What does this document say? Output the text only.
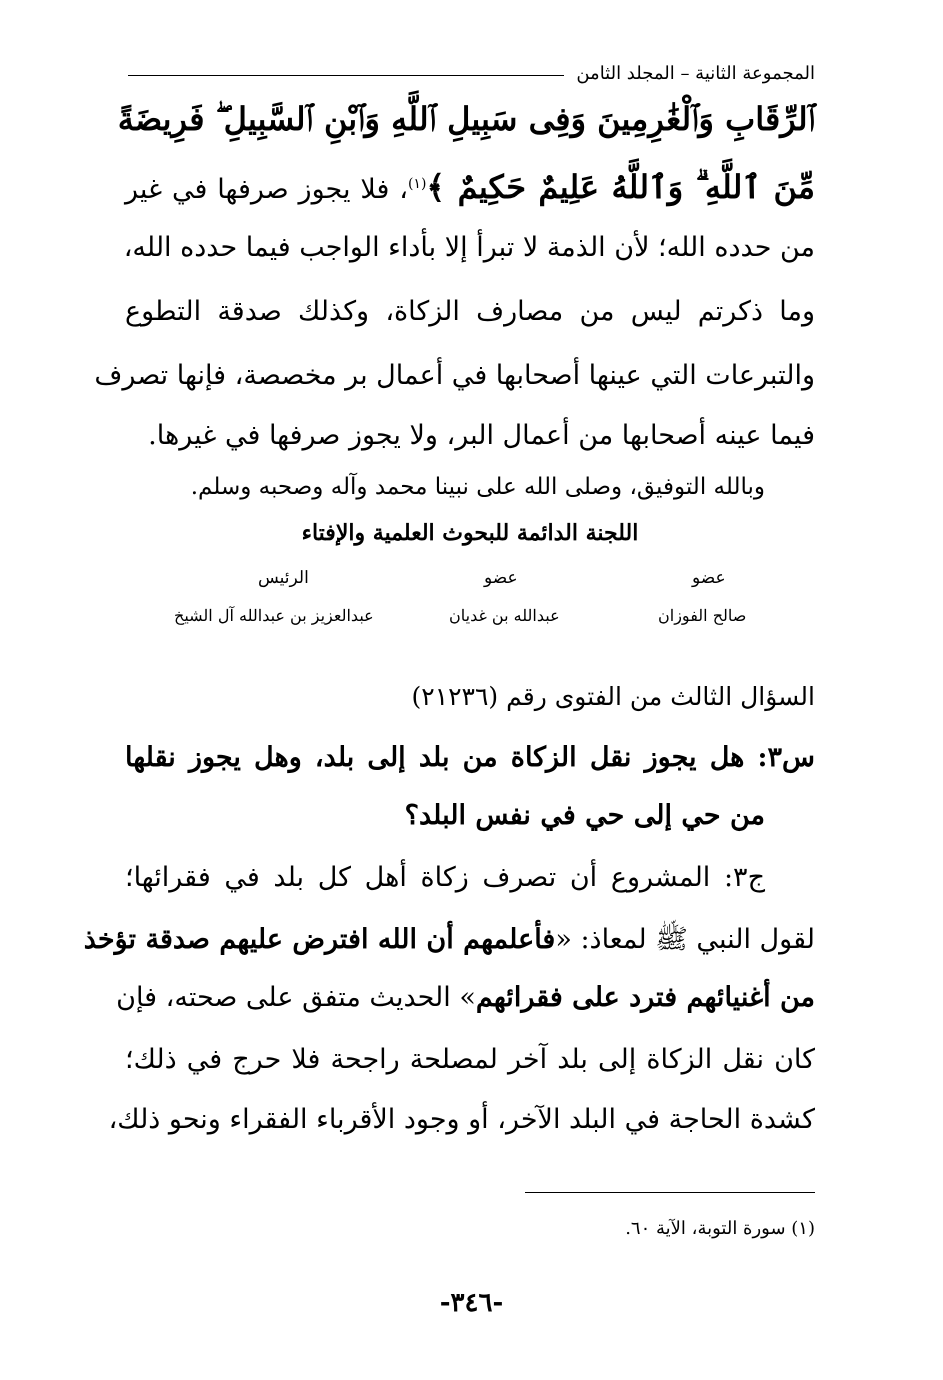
المجموعة الثانية – المجلد الثامن
ٱلرِّقَابِ وَٱلْغَٰرِمِينَ وَفِى سَبِيلِ ٱللَّهِ وَٱبْنِ ٱلسَّبِيلِ ۖ فَرِيضَةً
مِّنَ ٱللَّهِ ۗ وَٱللَّهُ عَلِيمٌ حَكِيمٌ ﴾$^{(١)}$، فلا يجوز صرفها في غير
من حدده الله؛ لأن الذمة لا تبرأ إلا بأداء الواجب فيما حدده الله،
وما ذكرتم ليس من مصارف الزكاة، وكذلك صدقة التطوع
والتبرعات التي عينها أصحابها في أعمال بر مخصصة، فإنها تصرف
فيما عينه أصحابها من أعمال البر، ولا يجوز صرفها في غيرها.
وبالله التوفيق، وصلى الله على نبينا محمد وآله وصحبه وسلم.
اللجنة الدائمة للبحوث العلمية والإفتاء
الرئيس
عبدالعزيز بن عبدالله آل الشيخ
عضو
عبدالله بن غديان
عضو
صالح الفوزان
السؤال الثالث من الفتوى رقم (٢١٢٣٦)
س٣: هل يجوز نقل الزكاة من بلد إلى بلد، وهل يجوز نقلها
من حي إلى حي في نفس البلد؟
ج٣: المشروع أن تصرف زكاة أهل كل بلد في فقرائها؛
لقول النبي ﷺ لمعاذ: «فأعلمهم أن الله افترض عليهم صدقة تؤخذ
من أغنيائهم فترد على فقرائهم» الحديث متفق على صحته، فإن
كان نقل الزكاة إلى بلد آخر لمصلحة راجحة فلا حرج في ذلك؛
كشدة الحاجة في البلد الآخر، أو وجود الأقرباء الفقراء ونحو ذلك،
(١) سورة التوبة، الآية ٦٠.
-٣٤٦-
